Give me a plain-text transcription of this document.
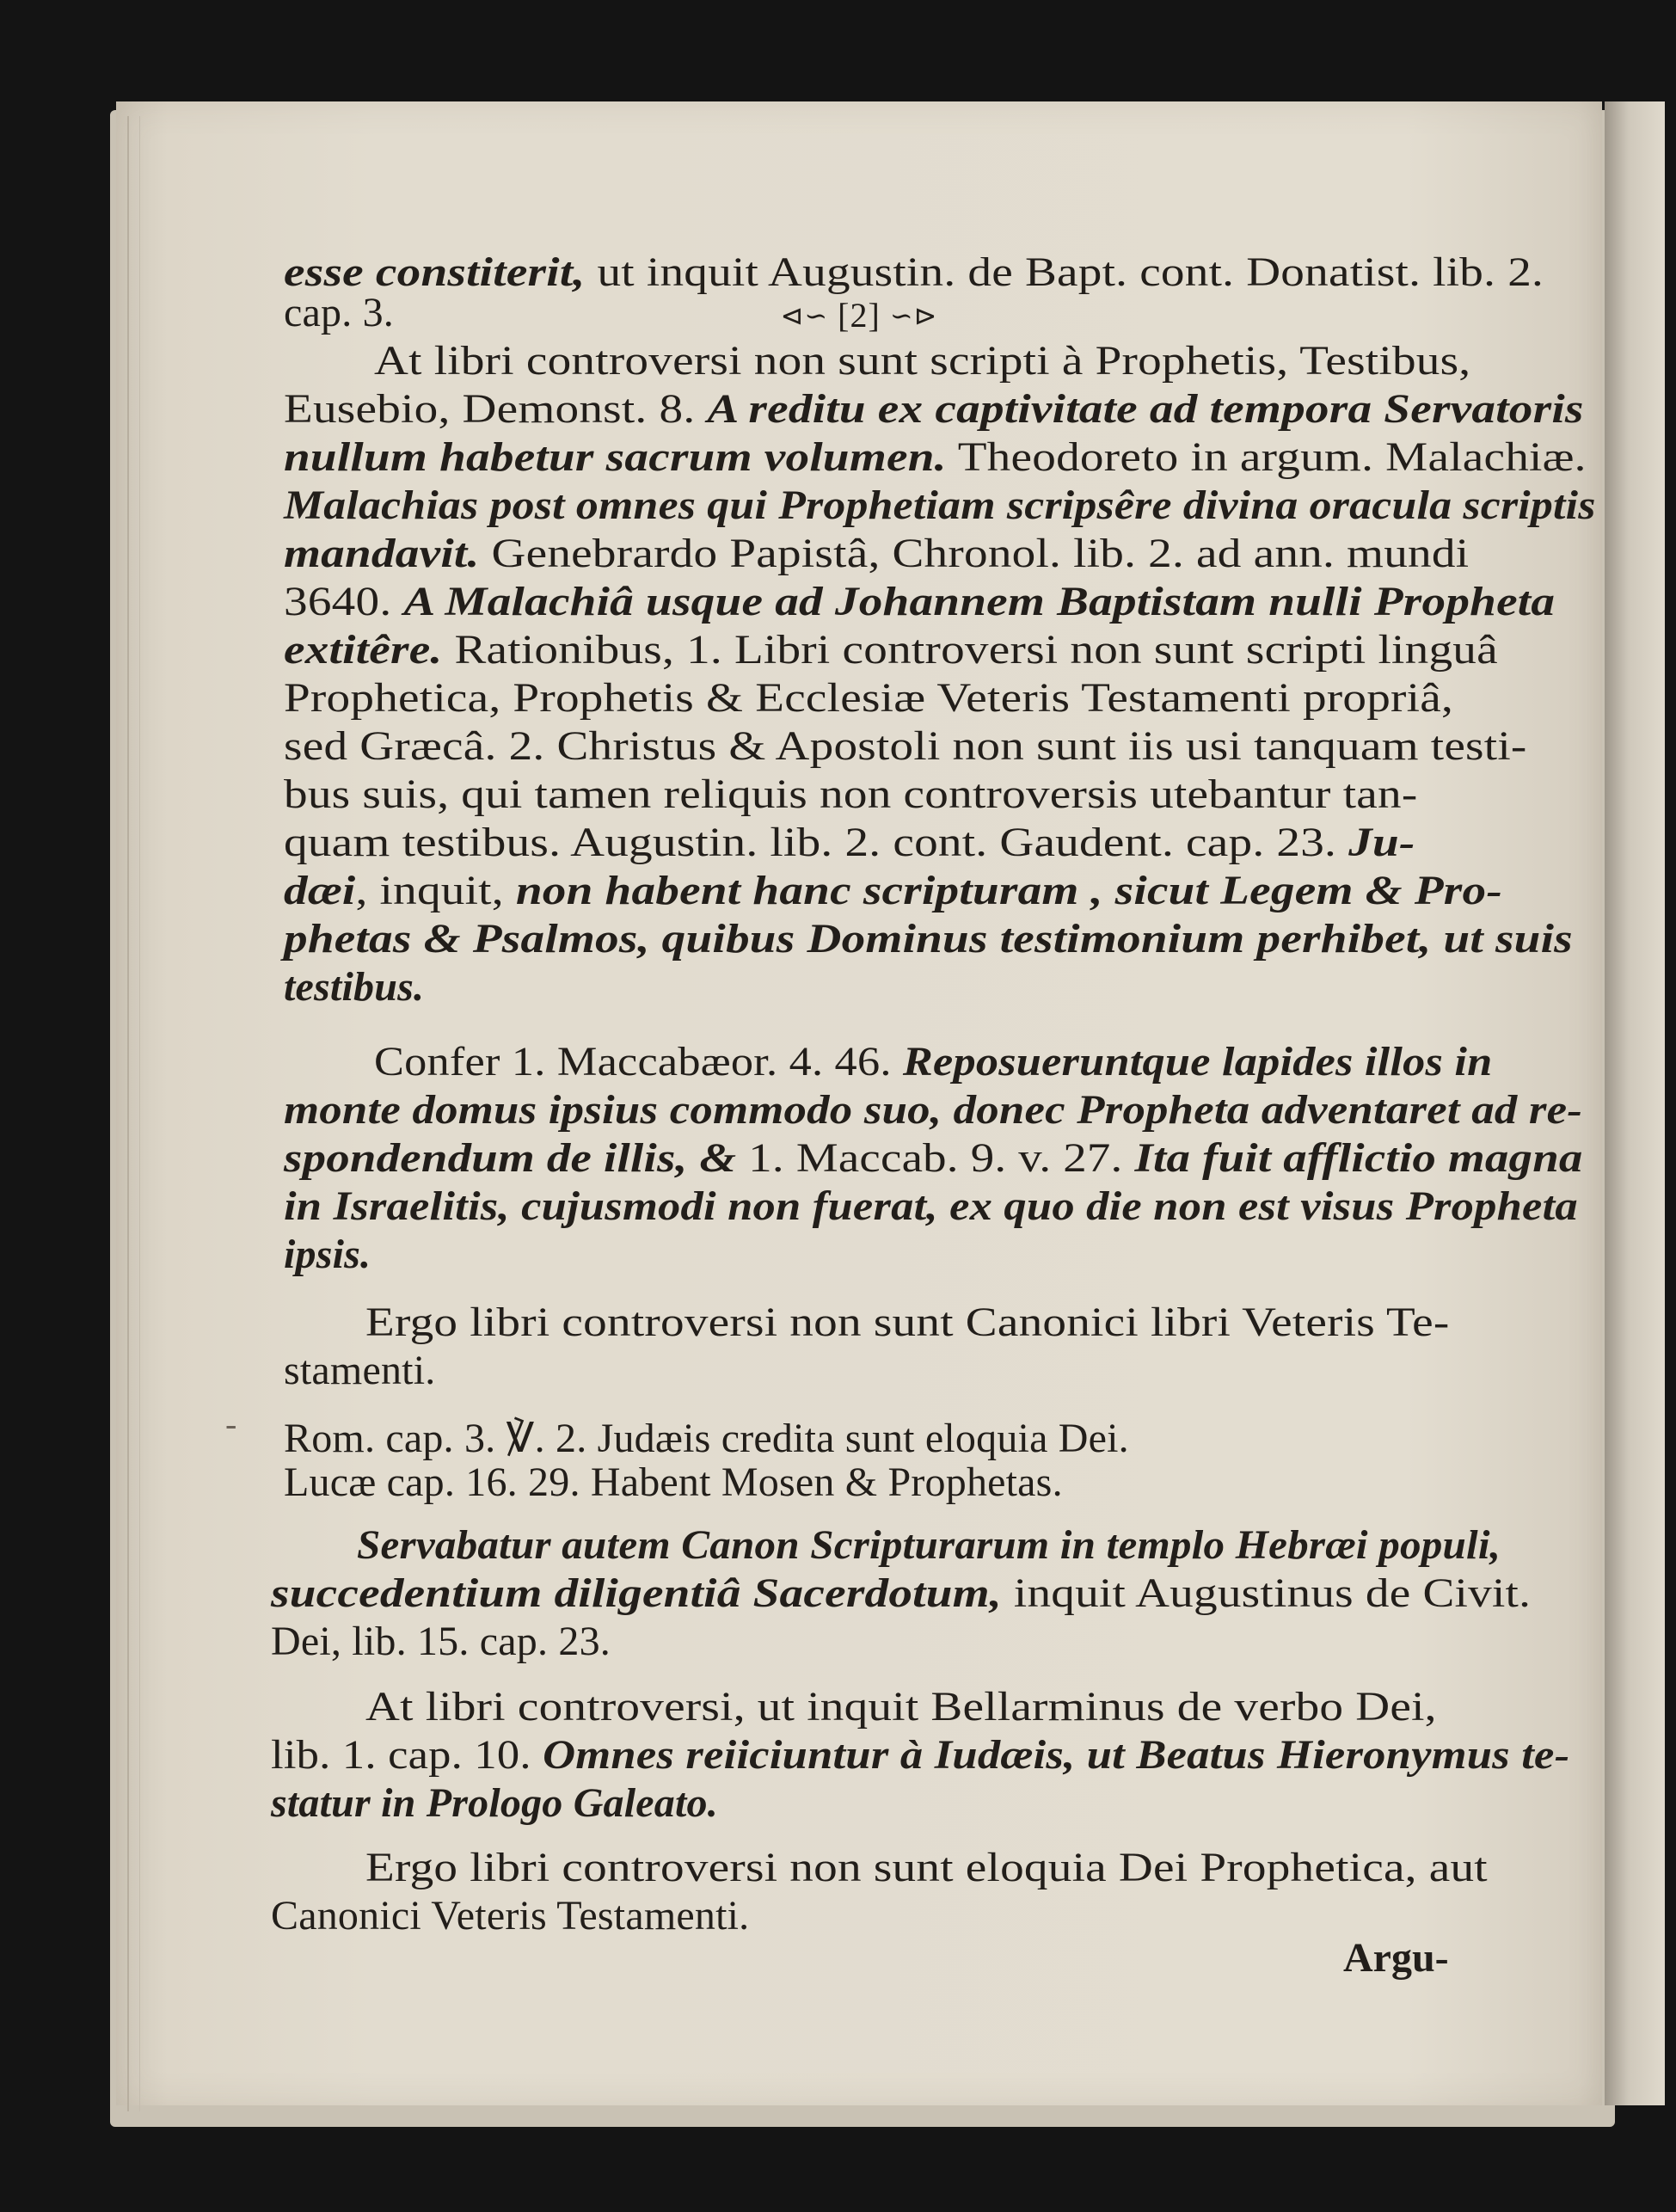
⊲∽ [2] ∽⊳
esse constiterit, ut inquit Augustin. de Bapt. cont. Donatist. lib. 2.
cap. 3.
At libri controversi non sunt scripti à Prophetis, Testibus,
Eusebio, Demonst. 8. A reditu ex captivitate ad tempora Servatoris
nullum habetur sacrum volumen. Theodoreto in argum. Malachiæ.
Malachias post omnes qui Prophetiam scripsêre divina oracula scriptis
mandavit. Genebrardo Papistâ, Chronol. lib. 2. ad ann. mundi
3640. A Malachiâ usque ad Johannem Baptistam nulli Propheta
extitêre. Rationibus, 1. Libri controversi non sunt scripti linguâ
Prophetica, Prophetis & Ecclesiæ Veteris Testamenti propriâ,
sed Græcâ. 2. Christus & Apostoli non sunt iis usi tanquam testi-
bus suis, qui tamen reliquis non controversis utebantur tan-
quam testibus. Augustin. lib. 2. cont. Gaudent. cap. 23. Ju-
dæi, inquit, non habent hanc scripturam , sicut Legem & Pro-
phetas & Psalmos, quibus Dominus testimonium perhibet, ut suis
testibus.
Confer 1. Maccabæor. 4. 46. Reposueruntque lapides illos in
monte domus ipsius commodo suo, donec Propheta adventaret ad re-
spondendum de illis, & 1. Maccab. 9. v. 27. Ita fuit afflictio magna
in Israelitis, cujusmodi non fuerat, ex quo die non est visus Propheta
ipsis.
Ergo libri controversi non sunt Canonici libri Veteris Te-
stamenti.
Rom. cap. 3. ℣. 2. Judæis credita sunt eloquia Dei.
Lucæ cap. 16. 29. Habent Mosen & Prophetas.
Servabatur autem Canon Scripturarum in templo Hebræi populi,
succedentium diligentiâ Sacerdotum, inquit Augustinus de Civit.
Dei, lib. 15. cap. 23.
At libri controversi, ut inquit Bellarminus de verbo Dei,
lib. 1. cap. 10. Omnes reiiciuntur à Iudæis, ut Beatus Hieronymus te-
statur in Prologo Galeato.
Ergo libri controversi non sunt eloquia Dei Prophetica, aut
Canonici Veteris Testamenti.
Argu-
-
